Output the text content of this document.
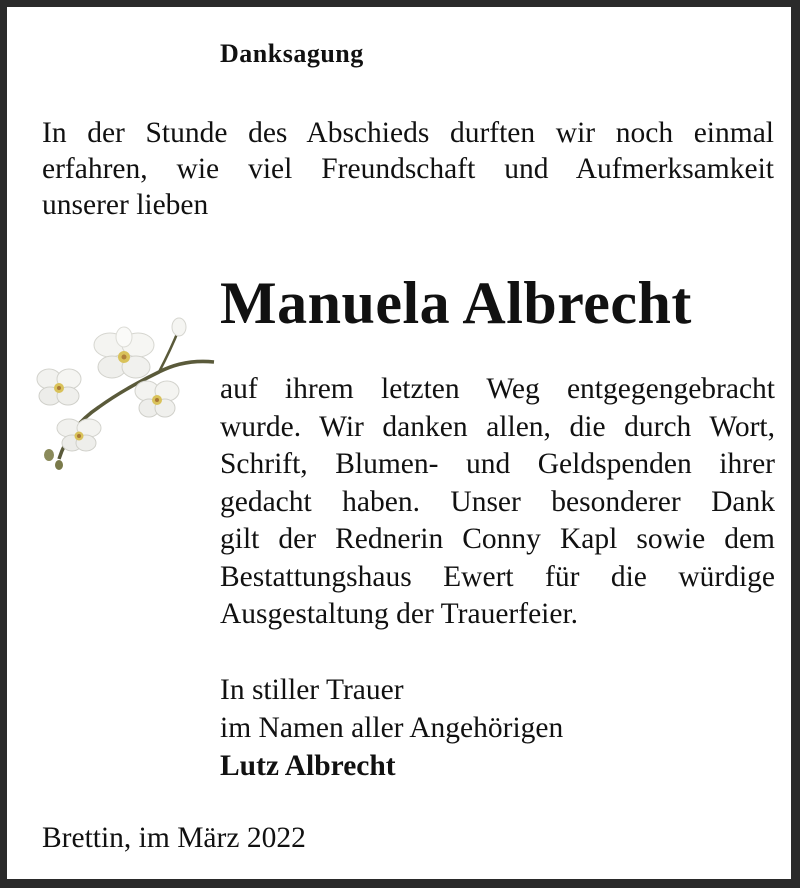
Danksagung
In der Stunde des Abschieds durften wir noch einmal
erfahren, wie viel Freundschaft und Aufmerksamkeit
unserer lieben
Manuela Albrecht
auf ihrem letzten Weg entgegengebracht
wurde. Wir danken allen, die durch Wort,
Schrift, Blumen- und Geldspenden ihrer
gedacht haben. Unser besonderer Dank
gilt der Rednerin Conny Kapl sowie dem
Bestattungshaus Ewert für die würdige
Ausgestaltung der Trauerfeier.
In stiller Trauer
im Namen aller Angehörigen
Lutz Albrecht
Brettin, im März 2022
